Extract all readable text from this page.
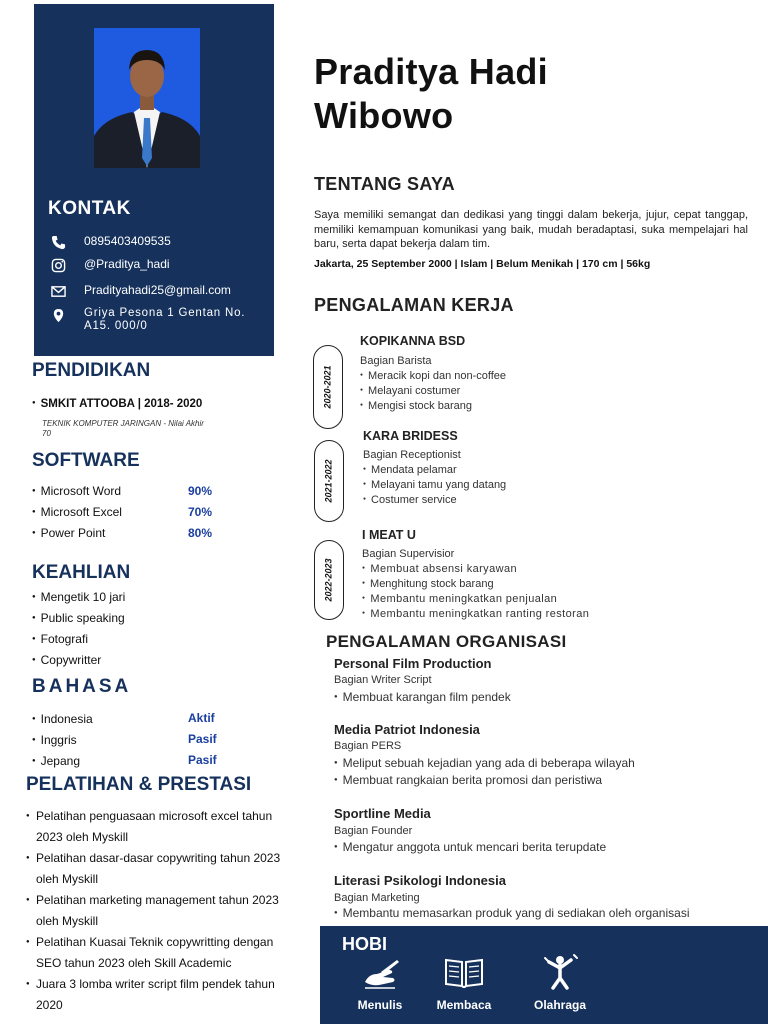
KONTAK
0895403409535
@Praditya_hadi
Pradityahadi25@gmail.com
Griya Pesona 1 Gentan No.
A15. 000/0
PENDIDIKAN
● SMKIT ATTOOBA | 2018- 2020
TEKNIK KOMPUTER JARINGAN - Nilai Akhir
70
SOFTWARE
● Microsoft Word	90%
● Microsoft Excel	70%
● Power Point	80%
KEAHLIAN
● Mengetik 10 jari
● Public speaking
● Fotografi
● Copywritter
BAHASA
● Indonesia	Aktif
● Inggris	Pasif
● Jepang	Pasif
PELATIHAN & PRESTASI
● Pelatihan penguasaan microsoft excel tahun
2023 oleh Myskill
● Pelatihan dasar-dasar copywriting tahun 2023
oleh Myskill
● Pelatihan marketing management tahun 2023
oleh Myskill
● Pelatihan Kuasai Teknik copywritting dengan
SEO tahun 2023 oleh Skill Academic
● Juara 3 lomba writer script film pendek tahun
2020
Praditya Hadi
Wibowo
TENTANG SAYA
Saya memiliki semangat dan dedikasi yang tinggi dalam bekerja, jujur, cepat tanggap, memiliki kemampuan komunikasi yang baik, mudah beradaptasi, suka mempelajari hal baru, serta dapat bekerja dalam tim.
Jakarta, 25 September 2000 | Islam | Belum Menikah | 170 cm | 56kg
PENGALAMAN KERJA
2020-2021
KOPIKANNA BSD
Bagian Barista
● Meracik kopi dan non-coffee
● Melayani costumer
● Mengisi stock barang
2021-2022
KARA BRIDESS
Bagian Receptionist
● Mendata pelamar
● Melayani tamu yang datang
● Costumer service
2022-2023
I MEAT U
Bagian Supervisior
● Membuat absensi karyawan
● Menghitung stock barang
● Membantu meningkatkan penjualan
● Membantu meningkatkan ranting restoran
PENGALAMAN ORGANISASI
Personal Film Production
Bagian Writer Script
● Membuat karangan film pendek
Media Patriot Indonesia
Bagian PERS
● Meliput sebuah kejadian yang ada di beberapa wilayah
● Membuat rangkaian berita promosi dan peristiwa
Sportline Media
Bagian Founder
● Mengatur anggota untuk mencari berita terupdate
Literasi Psikologi Indonesia
Bagian Marketing
● Membantu memasarkan produk yang di sediakan oleh organisasi
HOBI
Menulis	Membaca	Olahraga
